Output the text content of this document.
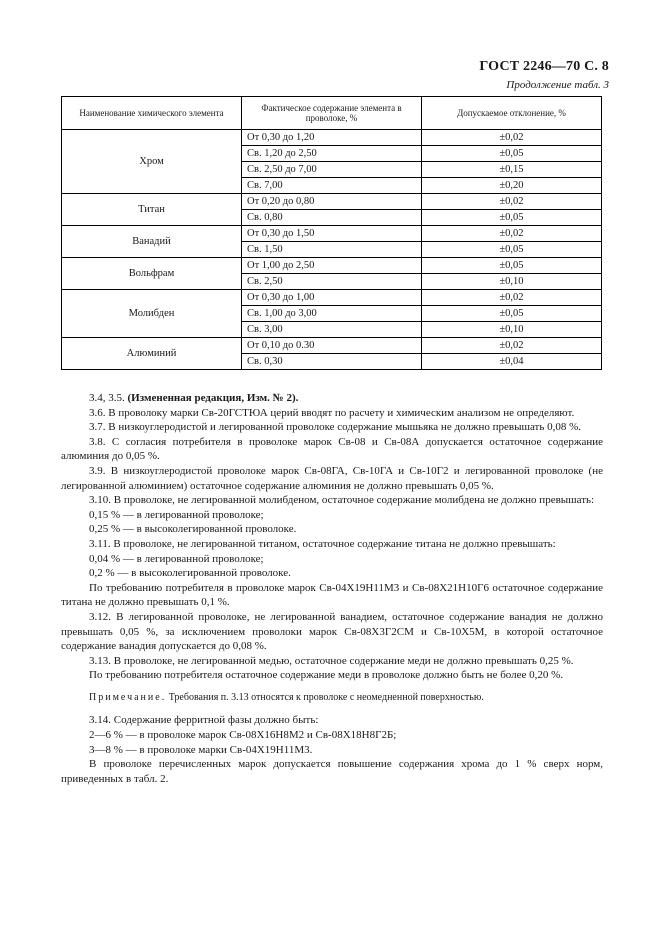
ГОСТ 2246—70 С. 8
Продолжение табл. 3
Наименование химического элемента	Фактическое содержание элемента в проволоке, %	Допускаемое отклонение, %
Хром	От 0,30 до 1,20	±0,02
	Св. 1,20 до 2,50	±0,05
	Св. 2,50 до 7,00	±0,15
	Св. 7,00	±0,20
Титан	От 0,20 до 0,80	±0,02
	Св. 0,80	±0,05
Ванадий	От 0,30 до 1,50	±0,02
	Св. 1,50	±0,05
Вольфрам	От 1,00 до 2,50	±0,05
	Св. 2,50	±0,10
Молибден	От 0,30 до 1,00	±0,02
	Св. 1,00 до 3,00	±0,05
	Св. 3,00	±0,10
Алюминий	От 0,10 до 0.30	±0,02
	Св. 0,30	±0,04

3.4, 3.5. (Измененная редакция, Изм. № 2).

3.6. В проволоку марки Св-20ГСТЮА церий вводят по расчету и химическим анализом не определяют.

3.7. В низкоуглеродистой и легированной проволоке содержание мышьяка не должно превышать 0,08 %.

3.8. С согласия потребителя в проволоке марок Св-08 и Св-08А допускается остаточное содержание алюминия до 0,05 %.

3.9. В низкоуглеродистой проволоке марок Св-08ГА, Св-10ГА и Св-10Г2 и легированной проволоке (не легированной алюминием) остаточное содержание алюминия не должно превышать 0,05 %.

3.10. В проволоке, не легированной молибденом, остаточное содержание молибдена не должно превышать:

0,15 % — в легированной проволоке;

0,25 % — в высоколегированной проволоке.

3.11. В проволоке, не легированной титаном, остаточное содержание титана не должно превышать:

0,04 % — в легированной проволоке;

0,2 % — в высоколегированной проволоке.

По требованию потребителя в проволоке марок Св-04Х19Н11М3 и Св-08Х21Н10Г6 остаточное содержание титана не должно превышать 0,1 %.

3.12. В легированной проволоке, не легированной ванадием, остаточное содержание ванадия не должно превышать 0,05 %, за исключением проволоки марок Св-08Х3Г2СМ и Св-10Х5М, в которой остаточное содержание ванадия допускается до 0,08 %.

3.13. В проволоке, не легированной медью, остаточное содержание меди не должно превышать 0,25 %.

По требованию потребителя остаточное содержание меди в проволоке должно быть не более 0,20 %.

Примечание. Требования п. 3.13 относятся к проволоке с неомедненной поверхностью.

3.14. Содержание ферритной фазы должно быть:

2—6 % — в проволоке марок Св-08Х16Н8М2 и Св-08Х18Н8Г2Б;

3—8 % — в проволоке марки Св-04Х19Н11М3.

В проволоке перечисленных марок допускается повышение содержания хрома до 1 % сверх норм, приведенных в табл. 2.
